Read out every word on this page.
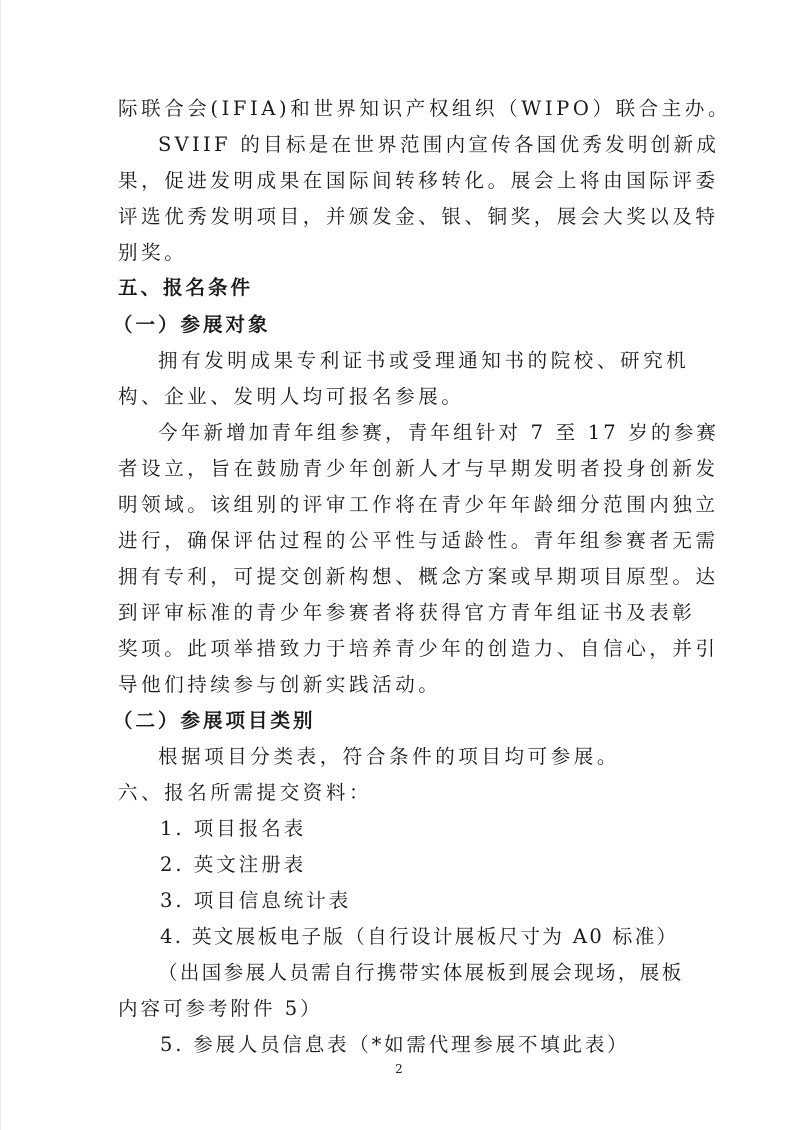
际联合会(IFIA)和世界知识产权组织（WIPO）联合主办。
SVIIF 的目标是在世界范围内宣传各国优秀发明创新成
果，促进发明成果在国际间转移转化。展会上将由国际评委
评选优秀发明项目，并颁发金、银、铜奖，展会大奖以及特
别奖。
五、报名条件
（一）参展对象
拥有发明成果专利证书或受理通知书的院校、研究机
构、企业、发明人均可报名参展。
今年新增加青年组参赛，青年组针对 7 至 17 岁的参赛
者设立，旨在鼓励青少年创新人才与早期发明者投身创新发
明领域。该组别的评审工作将在青少年年龄细分范围内独立
进行，确保评估过程的公平性与适龄性。青年组参赛者无需
拥有专利，可提交创新构想、概念方案或早期项目原型。达
到评审标准的青少年参赛者将获得官方青年组证书及表彰
奖项。此项举措致力于培养青少年的创造力、自信心，并引
导他们持续参与创新实践活动。
（二）参展项目类别
根据项目分类表，符合条件的项目均可参展。
六、报名所需提交资料：
1. 项目报名表
2. 英文注册表
3. 项目信息统计表
4. 英文展板电子版（自行设计展板尺寸为 A0 标准）
（出国参展人员需自行携带实体展板到展会现场，展板
内容可参考附件 5）
5. 参展人员信息表（*如需代理参展不填此表）
2
